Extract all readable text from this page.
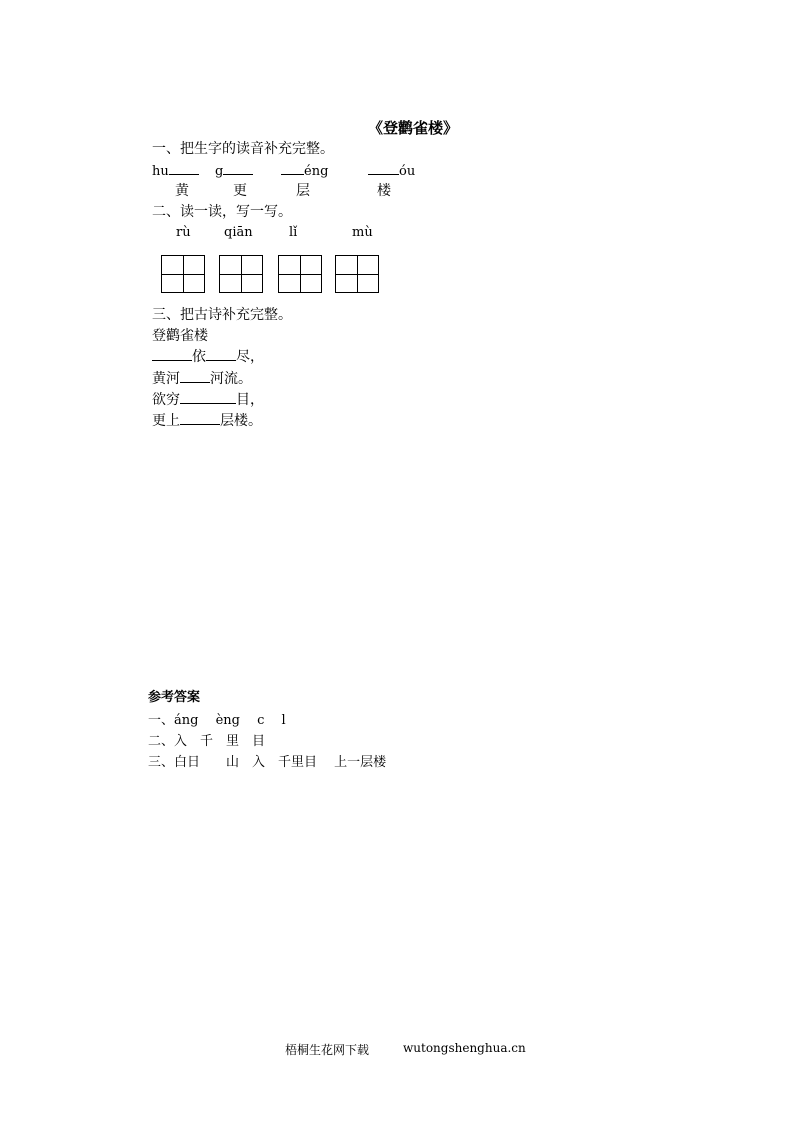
《登鹳雀楼》
一、把生字的读音补充完整。
hu	g	éng	óu
黄	更	层	楼
二、读一读，写一写。
rù	qiān	lǐ	mù
三、把古诗补充完整。
登鹳雀楼
依 尽，
黄河 河流。
欲穷	目，
更上	层楼。
参考答案
一、áng　 èng　 c　 l
二、入　千　里　目
三、白日　　山　入　千里目　 上一层楼
梧桐生花网下载	wutongshenghua.cn
